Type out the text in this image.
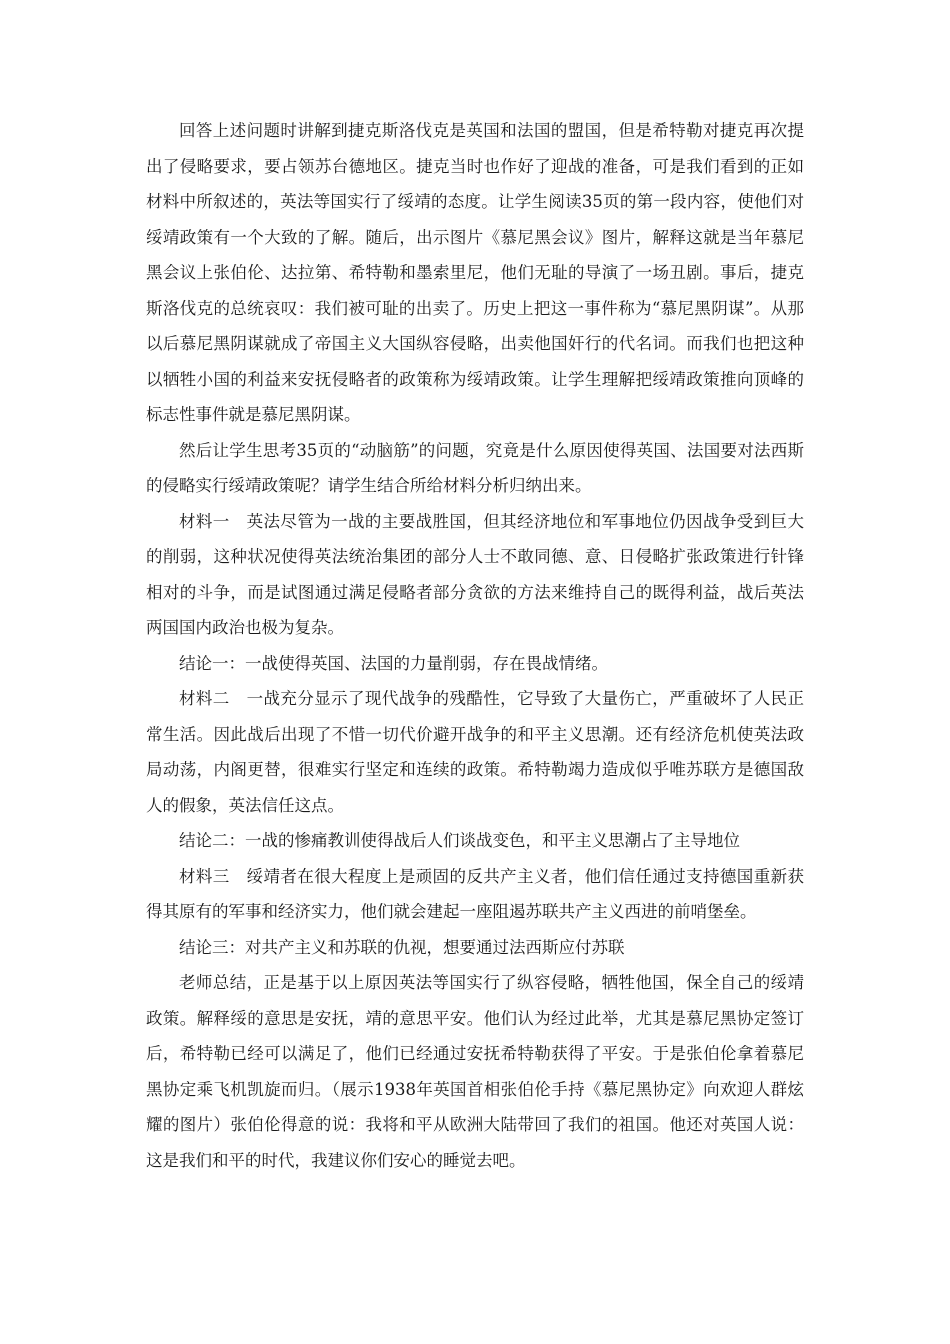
回答上述问题时讲解到捷克斯洛伐克是英国和法国的盟国，但是希特勒对捷克再次提出了侵略要求，要占领苏台德地区。捷克当时也作好了迎战的准备，可是我们看到的正如材料中所叙述的，英法等国实行了绥靖的态度。让学生阅读35页的第一段内容，使他们对绥靖政策有一个大致的了解。随后，出示图片《慕尼黑会议》图片，解释这就是当年慕尼黑会议上张伯伦、达拉第、希特勒和墨索里尼，他们无耻的导演了一场丑剧。事后，捷克斯洛伐克的总统哀叹：我们被可耻的出卖了。历史上把这一事件称为“慕尼黑阴谋”。从那以后慕尼黑阴谋就成了帝国主义大国纵容侵略，出卖他国奸行的代名词。而我们也把这种以牺牲小国的利益来安抚侵略者的政策称为绥靖政策。让学生理解把绥靖政策推向顶峰的标志性事件就是慕尼黑阴谋。

然后让学生思考35页的“动脑筋”的问题，究竟是什么原因使得英国、法国要对法西斯的侵略实行绥靖政策呢？请学生结合所给材料分析归纳出来。

材料一　英法尽管为一战的主要战胜国，但其经济地位和军事地位仍因战争受到巨大的削弱，这种状况使得英法统治集团的部分人士不敢同德、意、日侵略扩张政策进行针锋相对的斗争，而是试图通过满足侵略者部分贪欲的方法来维持自己的既得利益，战后英法两国国内政治也极为复杂。

结论一：一战使得英国、法国的力量削弱，存在畏战情绪。

材料二　一战充分显示了现代战争的残酷性，它导致了大量伤亡，严重破坏了人民正常生活。因此战后出现了不惜一切代价避开战争的和平主义思潮。还有经济危机使英法政局动荡，内阁更替，很难实行坚定和连续的政策。希特勒竭力造成似乎唯苏联方是德国敌人的假象，英法信任这点。

结论二：一战的惨痛教训使得战后人们谈战变色，和平主义思潮占了主导地位

材料三　绥靖者在很大程度上是顽固的反共产主义者，他们信任通过支持德国重新获得其原有的军事和经济实力，他们就会建起一座阻遏苏联共产主义西进的前哨堡垒。

结论三：对共产主义和苏联的仇视，想要通过法西斯应付苏联

老师总结，正是基于以上原因英法等国实行了纵容侵略，牺牲他国，保全自己的绥靖政策。解释绥的意思是安抚，靖的意思平安。他们认为经过此举，尤其是慕尼黑协定签订后，希特勒已经可以满足了，他们已经通过安抚希特勒获得了平安。于是张伯伦拿着慕尼黑协定乘飞机凯旋而归。（展示1938年英国首相张伯伦手持《慕尼黑协定》向欢迎人群炫耀的图片）张伯伦得意的说：我将和平从欧洲大陆带回了我们的祖国。他还对英国人说：这是我们和平的时代，我建议你们安心的睡觉去吧。
